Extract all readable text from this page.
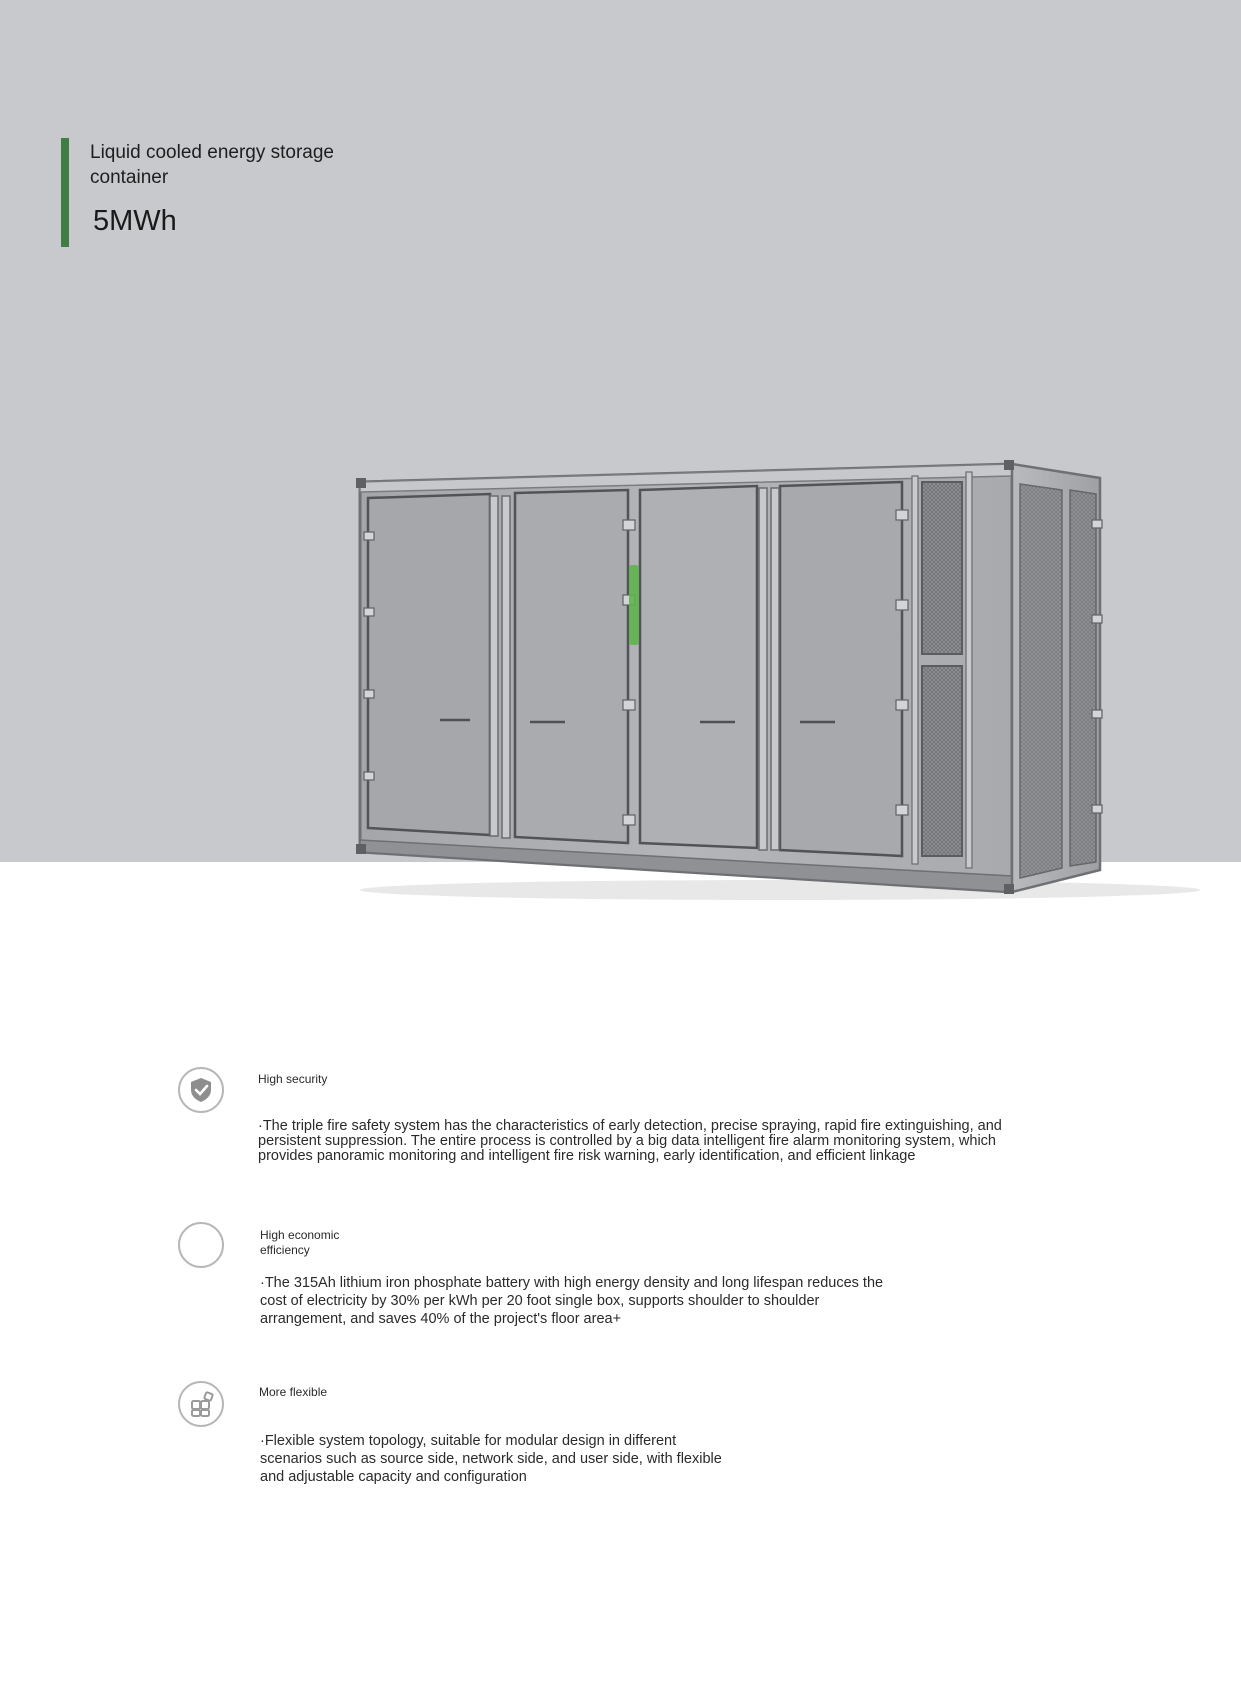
Liquid cooled energy storage container
5MWh
High security
·The triple fire safety system has the characteristics of early detection, precise spraying, rapid fire extinguishing, and persistent suppression. The entire process is controlled by a big data intelligent fire alarm monitoring system, which provides panoramic monitoring and intelligent fire risk warning, early identification, and efficient linkage
High economic efficiency
·The 315Ah lithium iron phosphate battery with high energy density and long lifespan reduces the cost of electricity by 30% per kWh per 20 foot single box, supports shoulder to shoulder arrangement, and saves 40% of the project's floor area+
More flexible
·Flexible system topology, suitable for modular design in different scenarios such as source side, network side, and user side, with flexible and adjustable capacity and configuration
